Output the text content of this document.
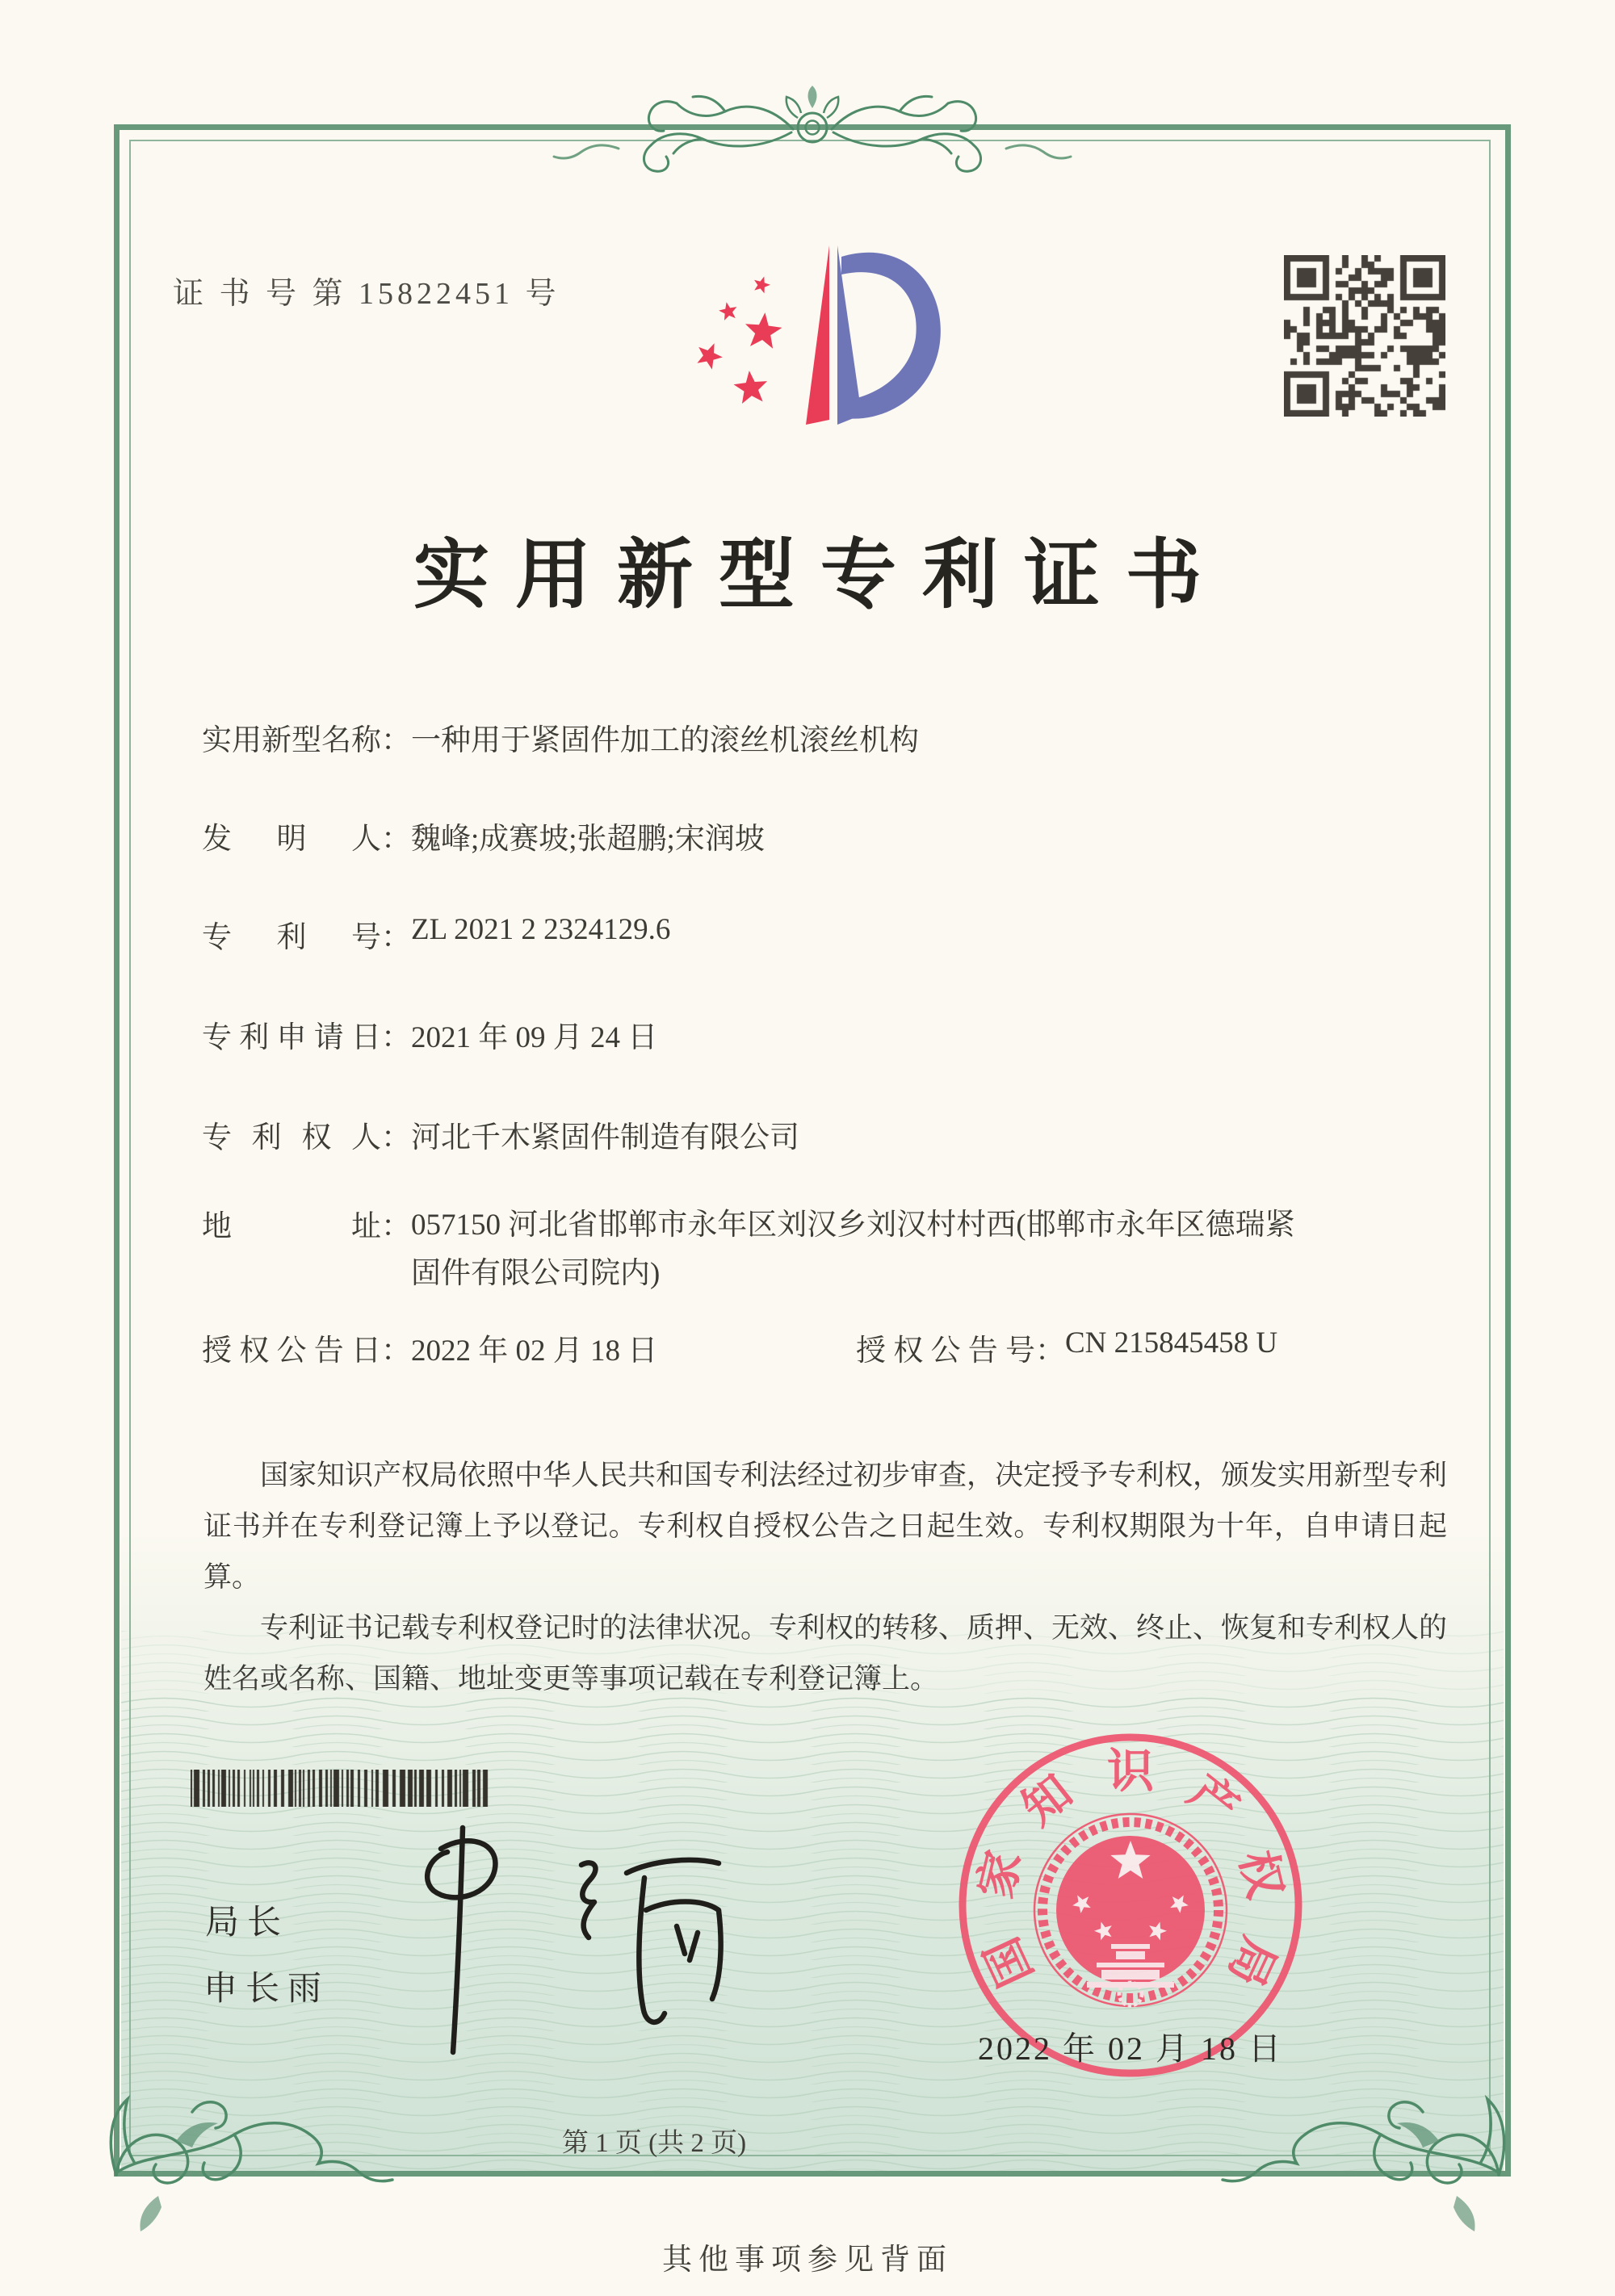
证 书 号 第 15822451 号
实用新型专利证书
实用新型名称：一种用于紧固件加工的滚丝机滚丝机构
发明人：魏峰;成赛坡;张超鹏;宋润坡
专利号：ZL 2021 2 2324129.6
专利申请日：2021 年 09 月 24 日
专利权人：河北千木紧固件制造有限公司
地址：057150 河北省邯郸市永年区刘汉乡刘汉村村西(邯郸市永年区德瑞紧固件有限公司院内)
授权公告日：2022 年 02 月 18 日	授权公告号：CN 215845458 U

国家知识产权局依照中华人民共和国专利法经过初步审查，决定授予专利权，颁发实用新型专利证书并在专利登记簿上予以登记。专利权自授权公告之日起生效。专利权期限为十年，自申请日起算。

专利证书记载专利权登记时的法律状况。专利权的转移、质押、无效、终止、恢复和专利权人的姓名或名称、国籍、地址变更等事项记载在专利登记簿上。

局长
申长雨	国
家
知 识 产
权
局
2022 年 02 月 18 日
第 1 页 (共 2 页)
其他事项参见背面
